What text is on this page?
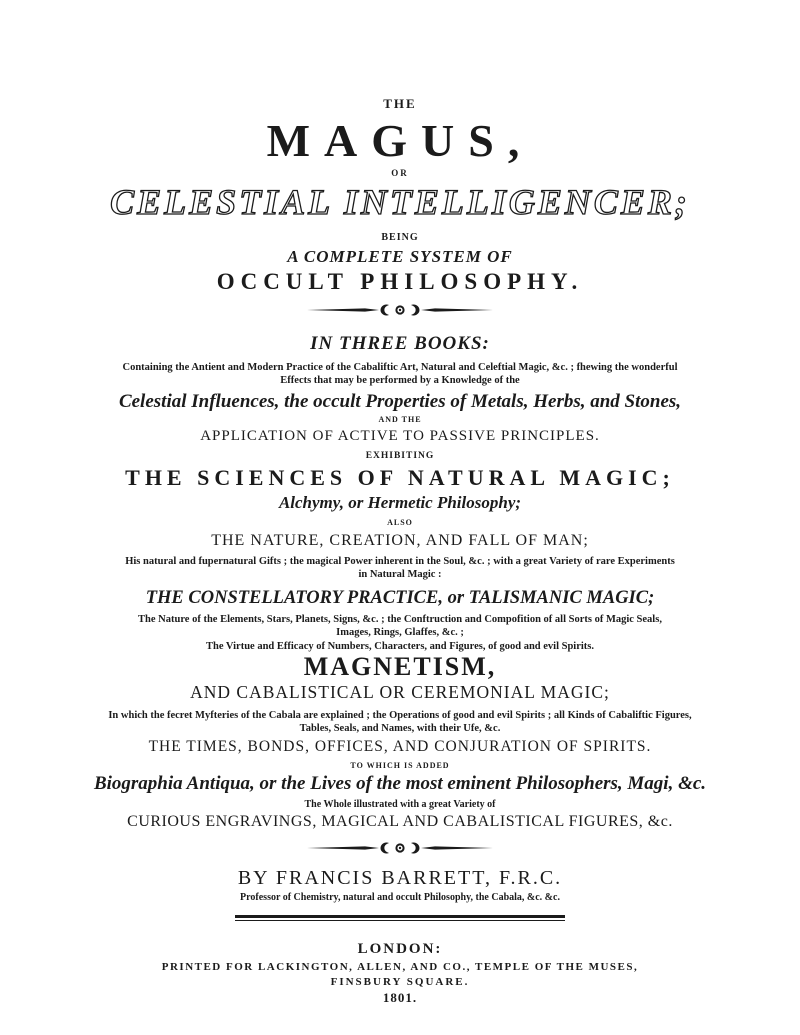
THE
MAGUS,
OR
CELESTIAL INTELLIGENCER;
BEING
A COMPLETE SYSTEM OF
OCCULT PHILOSOPHY.
IN THREE BOOKS:
Containing the Antient and Modern Practice of the Cabaliftic Art, Natural and Celeftial Magic, &c. ; fhewing the wonderful
Effects that may be performed by a Knowledge of the
Celestial Influences, the occult Properties of Metals, Herbs, and Stones,
AND THE
APPLICATION OF ACTIVE TO PASSIVE PRINCIPLES.
EXHIBITING
THE SCIENCES OF NATURAL MAGIC;
Alchymy, or Hermetic Philosophy;
ALSO
THE NATURE, CREATION, AND FALL OF MAN;
His natural and fupernatural Gifts ; the magical Power inherent in the Soul, &c. ; with a great Variety of rare Experiments
in Natural Magic :
THE CONSTELLATORY PRACTICE, or TALISMANIC MAGIC;
The Nature of the Elements, Stars, Planets, Signs, &c. ; the Conftruction and Compofition of all Sorts of Magic Seals,
Images, Rings, Glaffes, &c. ;
The Virtue and Efficacy of Numbers, Characters, and Figures, of good and evil Spirits.
MAGNETISM,
AND CABALISTICAL OR CEREMONIAL MAGIC;
In which the fecret Myfteries of the Cabala are explained ; the Operations of good and evil Spirits ; all Kinds of Cabaliftic Figures,
Tables, Seals, and Names, with their Ufe, &c.
THE TIMES, BONDS, OFFICES, AND CONJURATION OF SPIRITS.
TO WHICH IS ADDED
Biographia Antiqua, or the Lives of the most eminent Philosophers, Magi, &c.
The Whole illustrated with a great Variety of
CURIOUS ENGRAVINGS, MAGICAL AND CABALISTICAL FIGURES, &c.
BY FRANCIS BARRETT, F.R.C.
Professor of Chemistry, natural and occult Philosophy, the Cabala, &c. &c.
LONDON:
PRINTED FOR LACKINGTON, ALLEN, AND CO., TEMPLE OF THE MUSES,
FINSBURY SQUARE.
1801.
